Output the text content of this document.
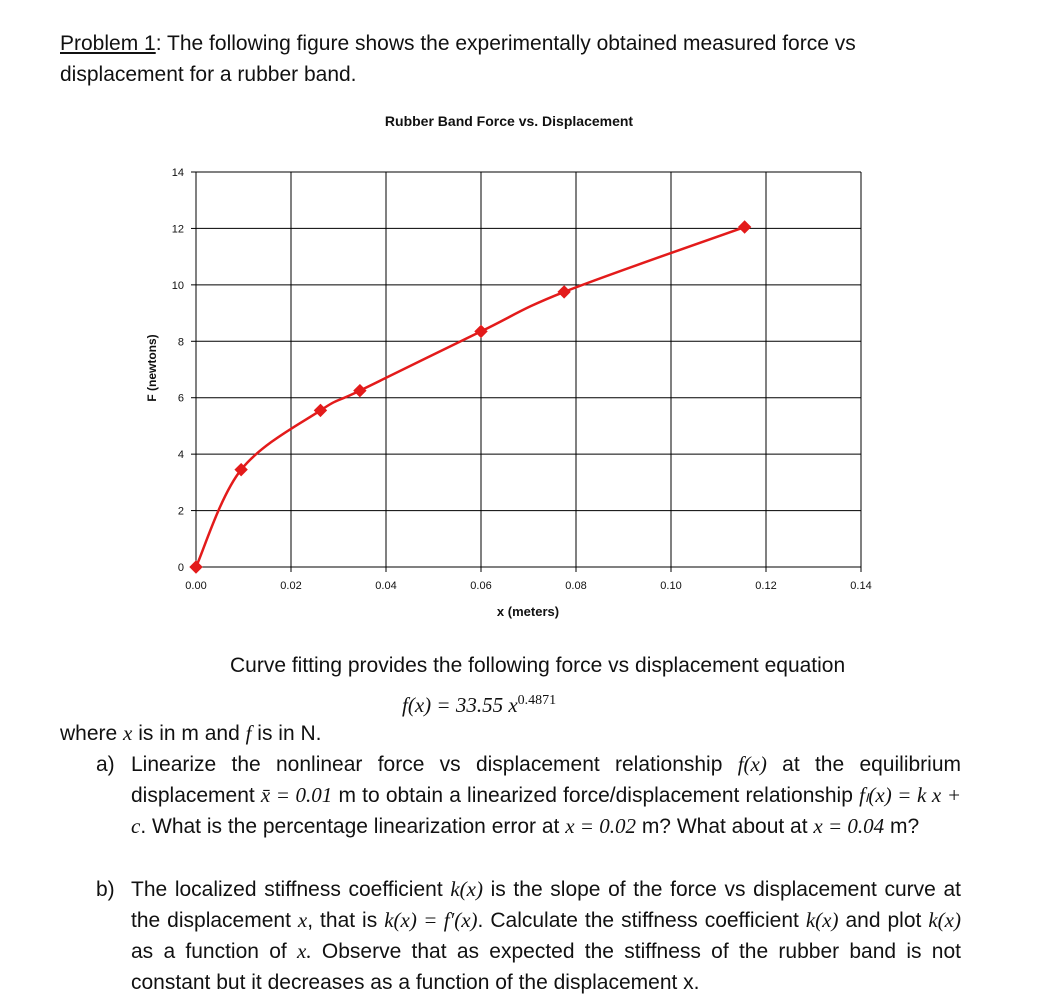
Problem 1: The following figure shows the experimentally obtained measured force vs displacement for a rubber band.
Rubber Band Force vs. Displacement
0.00	0.02	0.04	0.06	0.08	0.10	0.12	0.14
0
2
4
6
8
10
12
14
x (meters)
F (newtons)
Curve fitting provides the following force vs displacement equation
f(x) = 33.55 $x^{0.4871}$
where x is in m and f is in N.
a) Linearize the nonlinear force vs displacement relationship f(x) at the equilibrium displacement x̄ = 0.01 m to obtain a linearized force/displacement relationship fₗ(x) = k x + c. What is the percentage linearization error at x = 0.02 m? What about at x = 0.04 m?
b) The localized stiffness coefficient k(x) is the slope of the force vs displacement curve at the displacement x, that is k(x) = f′(x). Calculate the stiffness coefficient k(x) and plot k(x) as a function of x. Observe that as expected the stiffness of the rubber band is not constant but it decreases as a function of the displacement x.
